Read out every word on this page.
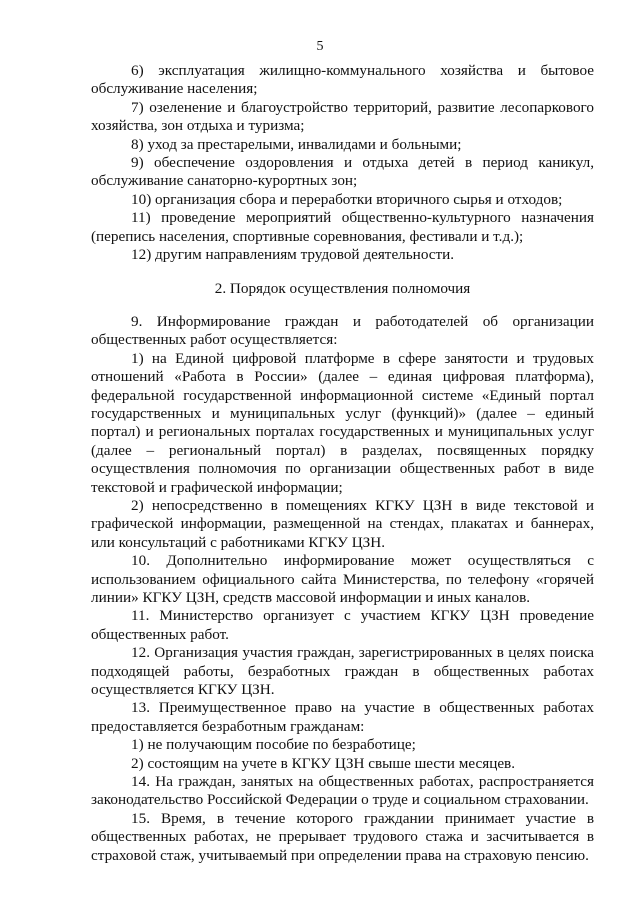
5

6) эксплуатация жилищно-коммунального хозяйства и бытовое обслуживание населения;

7) озеленение и благоустройство территорий, развитие лесопаркового хозяйства, зон отдыха и туризма;

8) уход за престарелыми, инвалидами и больными;

9) обеспечение оздоровления и отдыха детей в период каникул, обслуживание санаторно-курортных зон;

10) организация сбора и переработки вторичного сырья и отходов;

11) проведение мероприятий общественно-культурного назначения (перепись населения, спортивные соревнования, фестивали и т.д.);

12) другим направлениям трудовой деятельности.

2. Порядок осуществления полномочия

9. Информирование граждан и работодателей об организации общественных работ осуществляется:

1) на Единой цифровой платформе в сфере занятости и трудовых отношений «Работа в России» (далее – единая цифровая платформа), федеральной государственной информационной системе «Единый портал государственных и муниципальных услуг (функций)» (далее – единый портал) и региональных порталах государственных и муниципальных услуг (далее – региональный портал) в разделах, посвященных порядку осуществления полномочия по организации общественных работ в виде текстовой и графической информации;

2) непосредственно в помещениях КГКУ ЦЗН в виде текстовой и графической информации, размещенной на стендах, плакатах и баннерах, или консультаций с работниками КГКУ ЦЗН.

10. Дополнительно информирование может осуществляться с использованием официального сайта Министерства, по телефону «горячей линии» КГКУ ЦЗН, средств массовой информации и иных каналов.

11. Министерство организует с участием КГКУ ЦЗН проведение общественных работ.

12. Организация участия граждан, зарегистрированных в целях поиска подходящей работы, безработных граждан в общественных работах осуществляется КГКУ ЦЗН.

13. Преимущественное право на участие в общественных работах предоставляется безработным гражданам:

1) не получающим пособие по безработице;

2) состоящим на учете в КГКУ ЦЗН свыше шести месяцев.

14. На граждан, занятых на общественных работах, распространяется законодательство Российской Федерации о труде и социальном страховании.

15. Время, в течение которого граждании принимает участие в общественных работах, не прерывает трудового стажа и засчитывается в страховой стаж, учитываемый при определении права на страховую пенсию.
